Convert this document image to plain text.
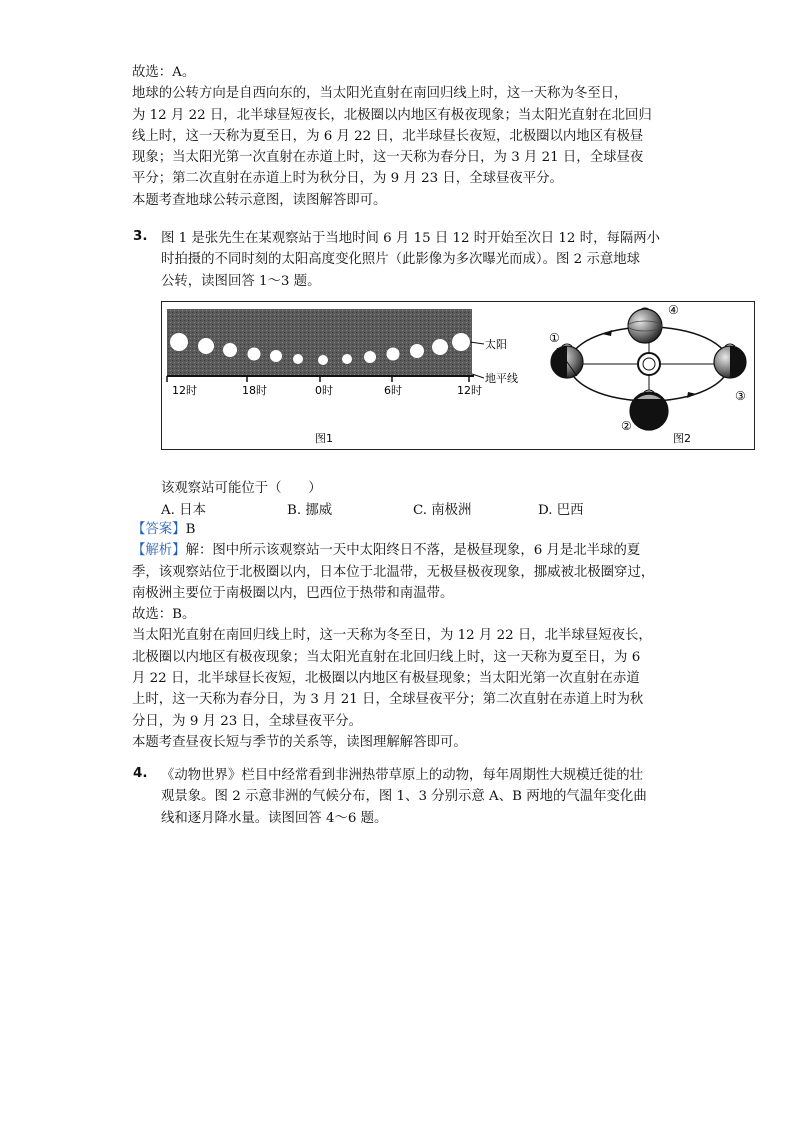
故选：A。
地球的公转方向是自西向东的，当太阳光直射在南回归线上时，这一天称为冬至日，
为 12 月 22 日，北半球昼短夜长，北极圈以内地区有极夜现象；当太阳光直射在北回归
线上时，这一天称为夏至日，为 6 月 22 日，北半球昼长夜短，北极圈以内地区有极昼
现象；当太阳光第一次直射在赤道上时，这一天称为春分日，为 3 月 21 日，全球昼夜
平分；第二次直射在赤道上时为秋分日，为 9 月 23 日，全球昼夜平分。
本题考查地球公转示意图，读图解答即可。
3. 图 1 是张先生在某观察站于当地时间 6 月 15 日 12 时开始至次日 12 时，每隔两小
时拍摄的不同时刻的太阳高度变化照片（此影像为多次曝光而成）。图 2 示意地球
公转，读图回答 1～3 题。
太阳
地平线
12时	18时	0时	6时	12时
图1
①
②
③
④
图2
该观察站可能位于（　　）
A. 日本	B. 挪威	C. 南极洲	D. 巴西
【答案】B
【解析】解：图中所示该观察站一天中太阳终日不落，是极昼现象，6 月是北半球的夏
季，该观察站位于北极圈以内，日本位于北温带，无极昼极夜现象，挪威被北极圈穿过，
南极洲主要位于南极圈以内，巴西位于热带和南温带。
故选：B。
当太阳光直射在南回归线上时，这一天称为冬至日，为 12 月 22 日，北半球昼短夜长，
北极圈以内地区有极夜现象；当太阳光直射在北回归线上时，这一天称为夏至日，为 6
月 22 日，北半球昼长夜短，北极圈以内地区有极昼现象；当太阳光第一次直射在赤道
上时，这一天称为春分日，为 3 月 21 日，全球昼夜平分；第二次直射在赤道上时为秋
分日，为 9 月 23 日，全球昼夜平分。
本题考查昼夜长短与季节的关系等，读图理解解答即可。
4. 《动物世界》栏目中经常看到非洲热带草原上的动物，每年周期性大规模迁徙的壮
观景象。图 2 示意非洲的气候分布，图 1、3 分别示意 A、B 两地的气温年变化曲
线和逐月降水量。读图回答 4～6 题。
